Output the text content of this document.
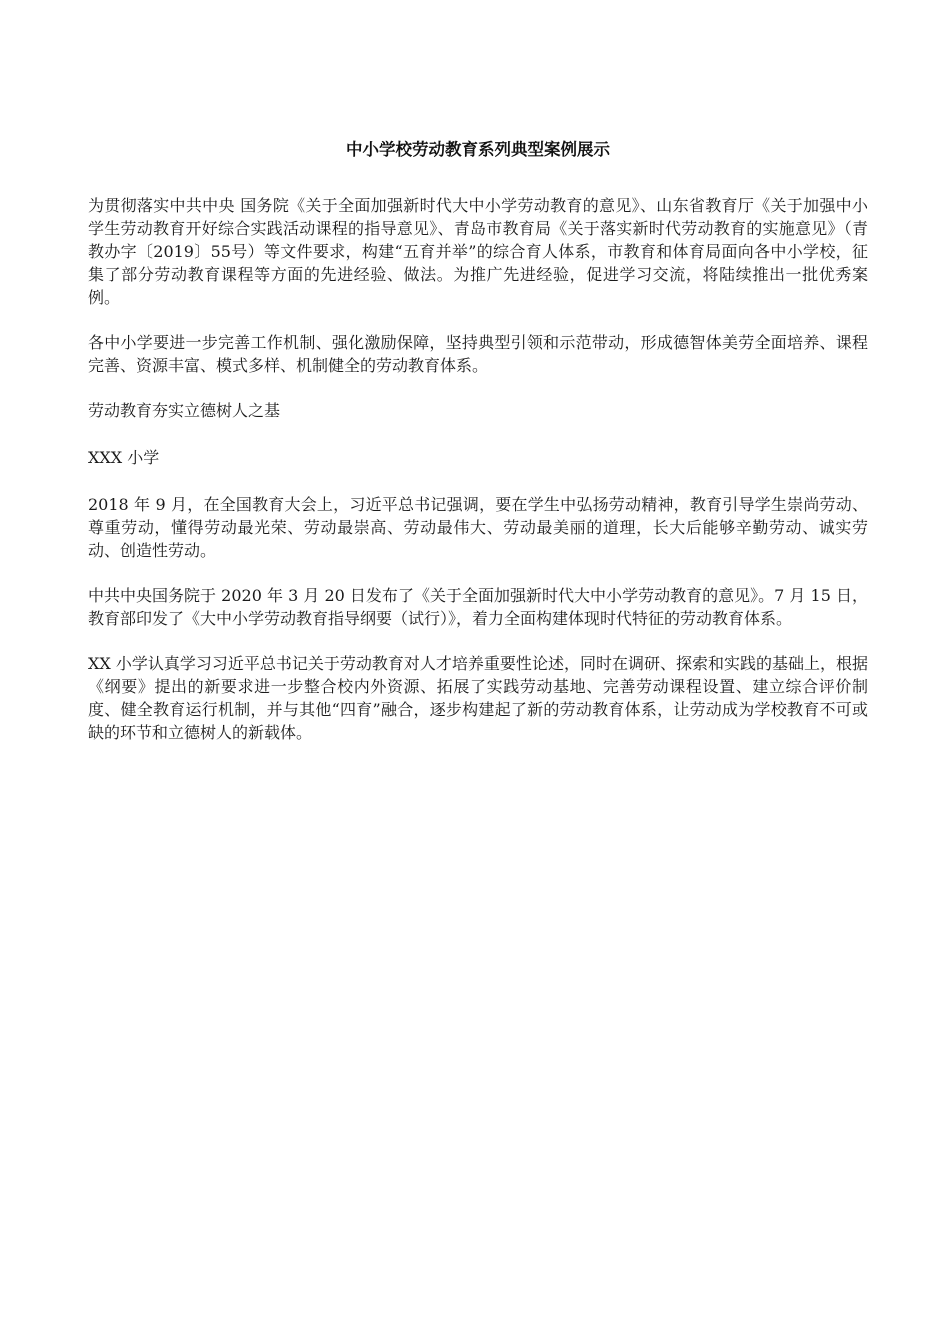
中小学校劳动教育系列典型案例展示

为贯彻落实中共中央 国务院《关于全面加强新时代大中小学劳动教育的意见》、山东省教育厅《关于加强中小学生劳动教育开好综合实践活动课程的指导意见》、青岛市教育局《关于落实新时代劳动教育的实施意见》（青教办字〔2019〕55号）等文件要求，构建“五育并举”的综合育人体系，市教育和体育局面向各中小学校，征集了部分劳动教育课程等方面的先进经验、做法。为推广先进经验，促进学习交流，将陆续推出一批优秀案例。

各中小学要进一步完善工作机制、强化激励保障，坚持典型引领和示范带动，形成德智体美劳全面培养、课程完善、资源丰富、模式多样、机制健全的劳动教育体系。

劳动教育夯实立德树人之基

XXX 小学

2018 年 9 月，在全国教育大会上，习近平总书记强调，要在学生中弘扬劳动精神，教育引导学生崇尚劳动、尊重劳动，懂得劳动最光荣、劳动最崇高、劳动最伟大、劳动最美丽的道理，长大后能够辛勤劳动、诚实劳动、创造性劳动。

中共中央国务院于 2020 年 3 月 20 日发布了《关于全面加强新时代大中小学劳动教育的意见》。7 月 15 日，教育部印发了《大中小学劳动教育指导纲要（试行）》，着力全面构建体现时代特征的劳动教育体系。

XX 小学认真学习习近平总书记关于劳动教育对人才培养重要性论述，同时在调研、探索和实践的基础上，根据《纲要》提出的新要求进一步整合校内外资源、拓展了实践劳动基地、完善劳动课程设置、建立综合评价制度、健全教育运行机制，并与其他“四育”融合，逐步构建起了新的劳动教育体系，让劳动成为学校教育不可或缺的环节和立德树人的新载体。
